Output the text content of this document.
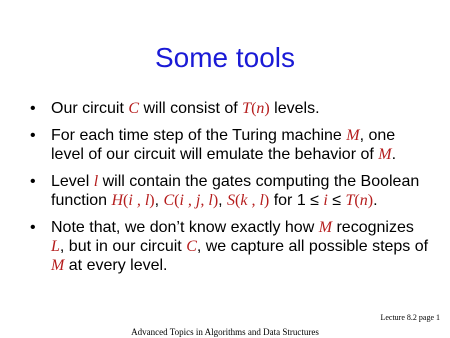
Some tools
• Our circuit C will consist of T(n) levels.
• For each time step of the Turing machine M, one level of our circuit will emulate the behavior of M.
• Level l will contain the gates computing the Boolean function H(i , l), C(i , j, l), S(k , l) for 1 ≤ i ≤ T(n).
• Note that, we don’t know exactly how M recognizes L, but in our circuit C, we capture all possible steps of M at every level.
Lecture 8.2 page 1
Advanced Topics in Algorithms and Data Structures
